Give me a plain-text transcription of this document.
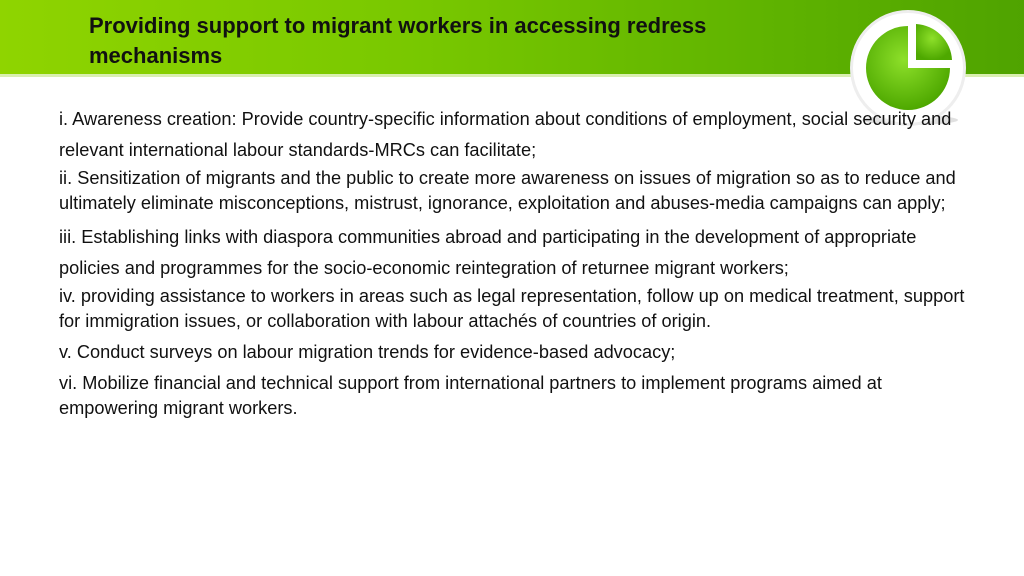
Providing support to migrant workers in accessing redress mechanisms
i. Awareness creation: Provide country-specific information about conditions of employment, social security and relevant international labour standards-MRCs can facilitate;
ii. Sensitization of migrants and the public to create more awareness on issues of migration so as to reduce and ultimately eliminate misconceptions, mistrust, ignorance, exploitation and abuses-media campaigns can apply;
iii. Establishing links with diaspora communities abroad and participating in the development of appropriate policies and programmes for the socio-economic reintegration of returnee migrant workers;
iv. providing assistance to workers in areas such as legal representation, follow up on medical treatment, support for immigration issues, or collaboration with labour attachés of countries of origin.
v. Conduct surveys on labour migration trends for evidence-based advocacy;
vi. Mobilize financial and technical support from international partners to implement programs aimed at empowering migrant workers.
